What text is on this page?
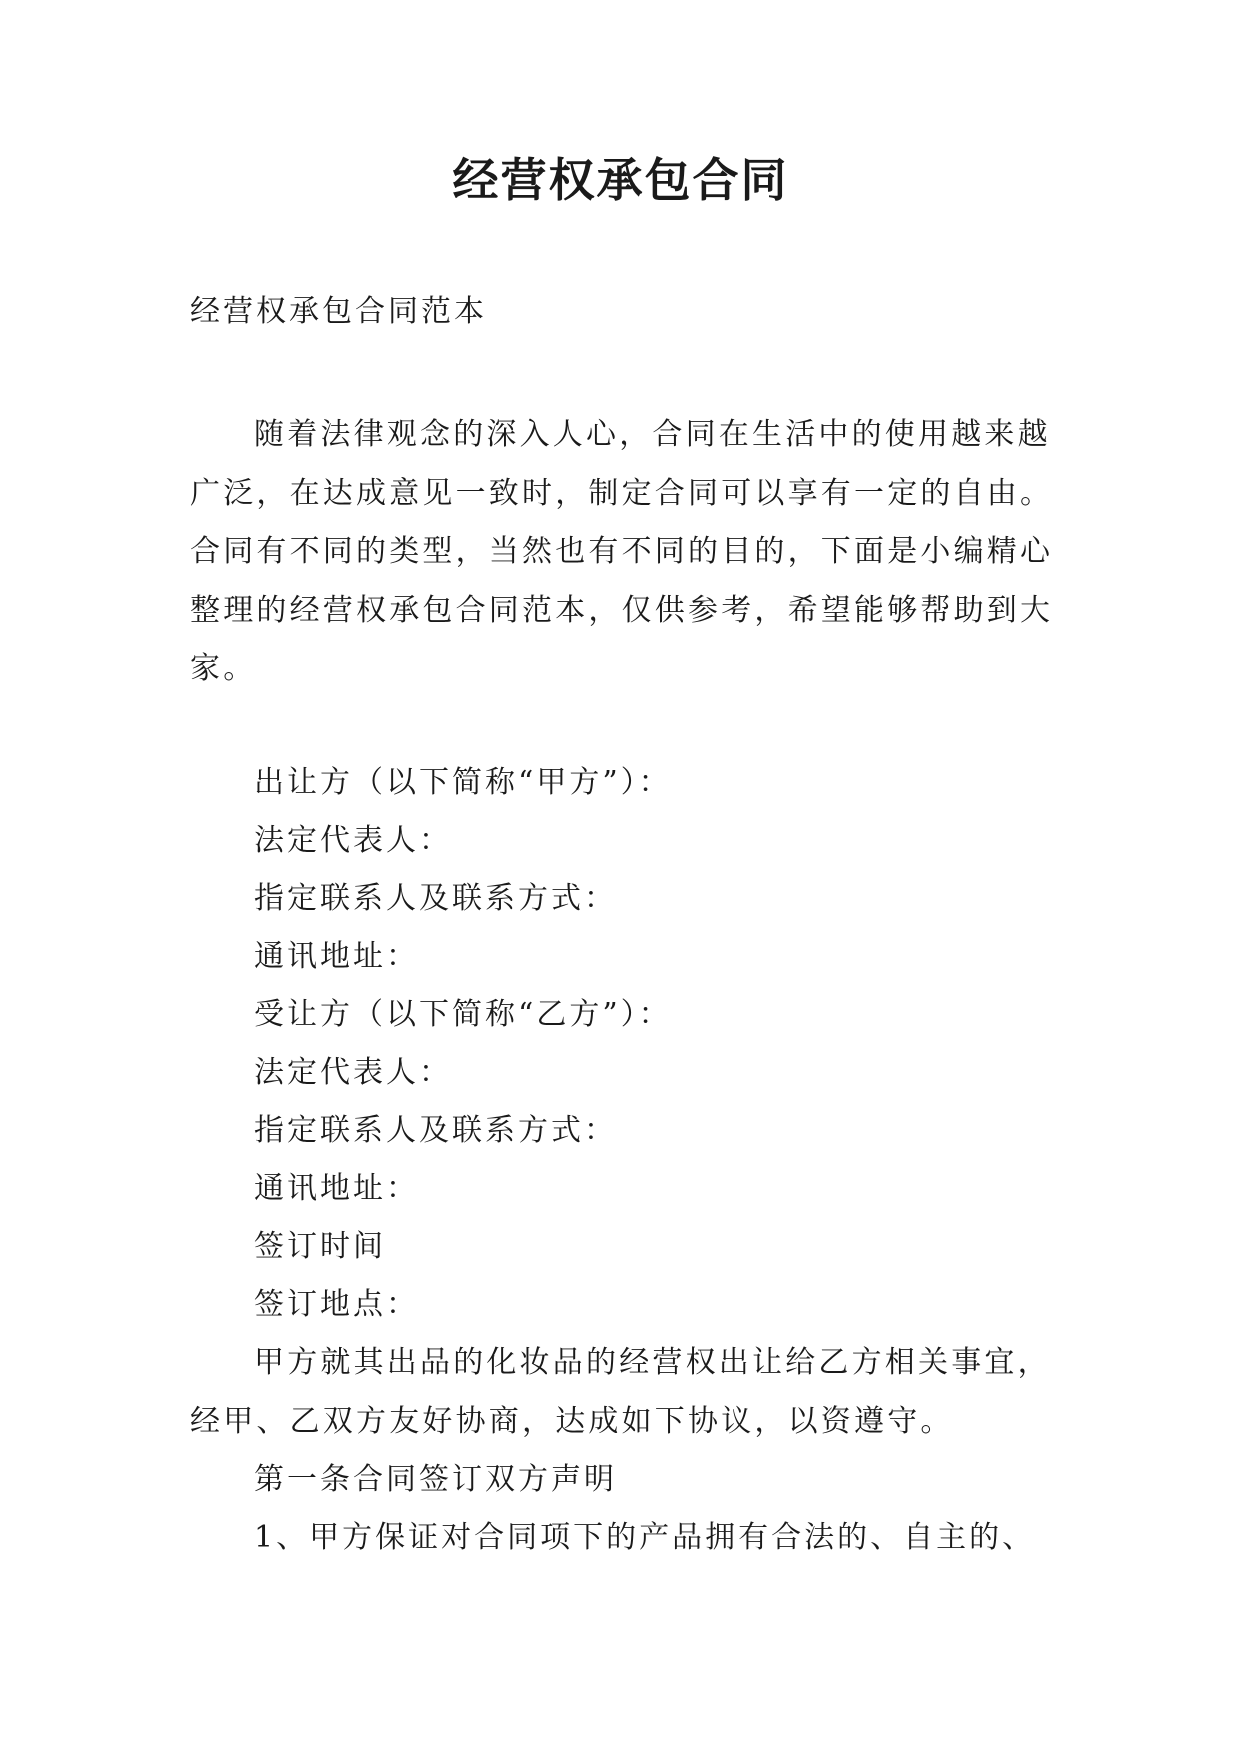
经营权承包合同
经营权承包合同范本

随着法律观念的深入人心，合同在生活中的使用越来越广泛，在达成意见一致时，制定合同可以享有一定的自由。合同有不同的类型，当然也有不同的目的，下面是小编精心整理的经营权承包合同范本，仅供参考，希望能够帮助到大家。

出让方（以下简称“甲方”）：
法定代表人：
指定联系人及联系方式：
通讯地址：
受让方（以下简称“乙方”）：
法定代表人：
指定联系人及联系方式：
通讯地址：
签订时间
签订地点：

甲方就其出品的化妆品的经营权出让给乙方相关事宜，经甲、乙双方友好协商，达成如下协议，以资遵守。

第一条合同签订双方声明
1、甲方保证对合同项下的产品拥有合法的、自主的、
